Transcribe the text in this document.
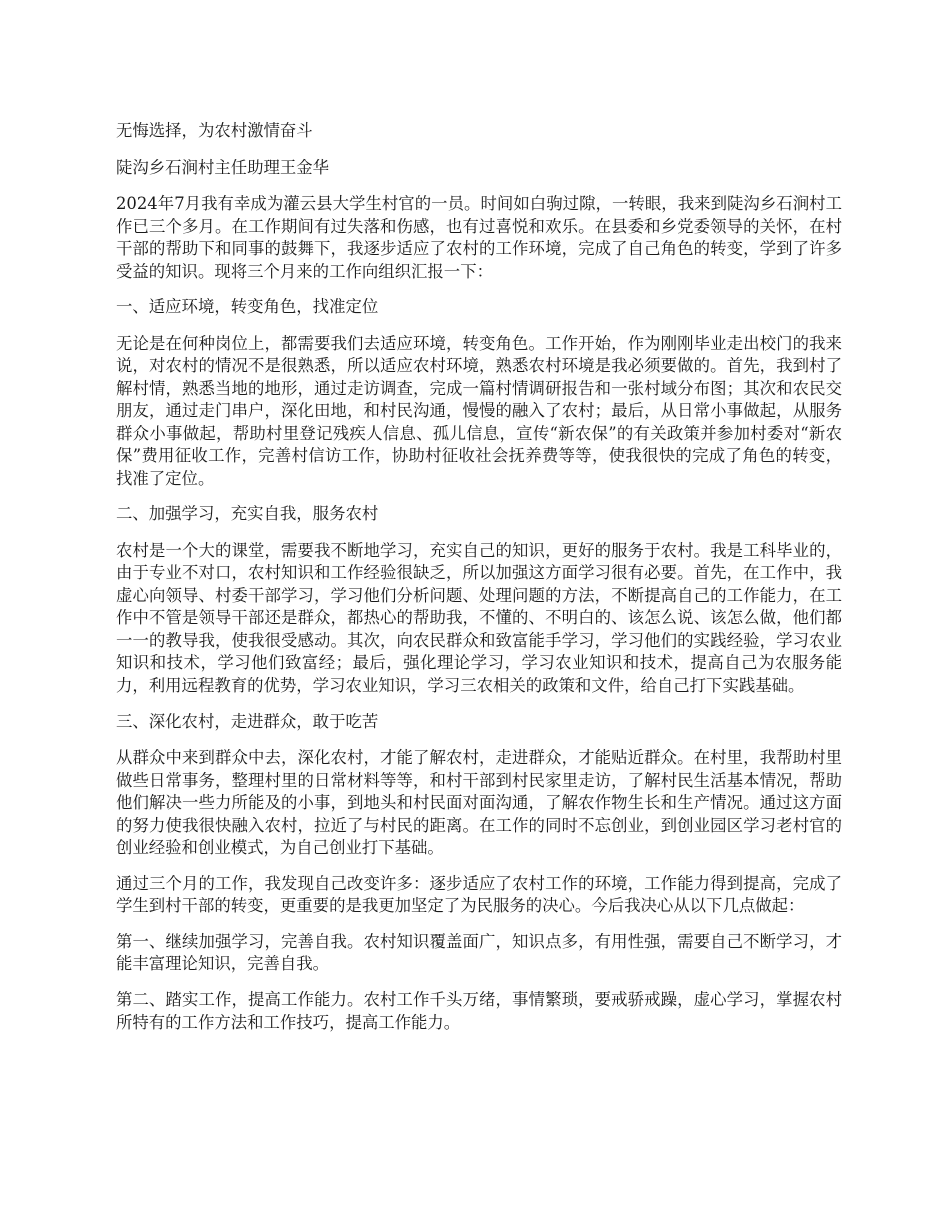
无悔选择，为农村激情奋斗

陡沟乡石涧村主任助理王金华

2024年7月我有幸成为灌云县大学生村官的一员。时间如白驹过隙，一转眼，我来到陡沟乡石涧村工作已三个多月。在工作期间有过失落和伤感，也有过喜悦和欢乐。在县委和乡党委领导的关怀，在村干部的帮助下和同事的鼓舞下，我逐步适应了农村的工作环境，完成了自己角色的转变，学到了许多受益的知识。现将三个月来的工作向组织汇报一下：

一、适应环境，转变角色，找准定位

无论是在何种岗位上，都需要我们去适应环境，转变角色。工作开始，作为刚刚毕业走出校门的我来说，对农村的情况不是很熟悉，所以适应农村环境，熟悉农村环境是我必须要做的。首先，我到村了解村情，熟悉当地的地形，通过走访调查，完成一篇村情调研报告和一张村域分布图；其次和农民交朋友，通过走门串户，深化田地，和村民沟通，慢慢的融入了农村；最后，从日常小事做起，从服务群众小事做起，帮助村里登记残疾人信息、孤儿信息，宣传“新农保”的有关政策并参加村委对“新农保”费用征收工作，完善村信访工作，协助村征收社会抚养费等等，使我很快的完成了角色的转变，找准了定位。

二、加强学习，充实自我，服务农村

农村是一个大的课堂，需要我不断地学习，充实自己的知识，更好的服务于农村。我是工科毕业的，由于专业不对口，农村知识和工作经验很缺乏，所以加强这方面学习很有必要。首先，在工作中，我虚心向领导、村委干部学习，学习他们分析问题、处理问题的方法，不断提高自己的工作能力，在工作中不管是领导干部还是群众，都热心的帮助我，不懂的、不明白的、该怎么说、该怎么做，他们都一一的教导我，使我很受感动。其次，向农民群众和致富能手学习，学习他们的实践经验，学习农业知识和技术，学习他们致富经；最后，强化理论学习，学习农业知识和技术，提高自己为农服务能力，利用远程教育的优势，学习农业知识，学习三农相关的政策和文件，给自己打下实践基础。

三、深化农村，走进群众，敢于吃苦

从群众中来到群众中去，深化农村，才能了解农村，走进群众，才能贴近群众。在村里，我帮助村里做些日常事务，整理村里的日常材料等等，和村干部到村民家里走访，了解村民生活基本情况，帮助他们解决一些力所能及的小事，到地头和村民面对面沟通，了解农作物生长和生产情况。通过这方面的努力使我很快融入农村，拉近了与村民的距离。在工作的同时不忘创业，到创业园区学习老村官的创业经验和创业模式，为自己创业打下基础。

通过三个月的工作，我发现自己改变许多：逐步适应了农村工作的环境，工作能力得到提高，完成了学生到村干部的转变，更重要的是我更加坚定了为民服务的决心。今后我决心从以下几点做起：

第一、继续加强学习，完善自我。农村知识覆盖面广，知识点多，有用性强，需要自己不断学习，才能丰富理论知识，完善自我。

第二、踏实工作，提高工作能力。农村工作千头万绪，事情繁琐，要戒骄戒躁，虚心学习，掌握农村所特有的工作方法和工作技巧，提高工作能力。
